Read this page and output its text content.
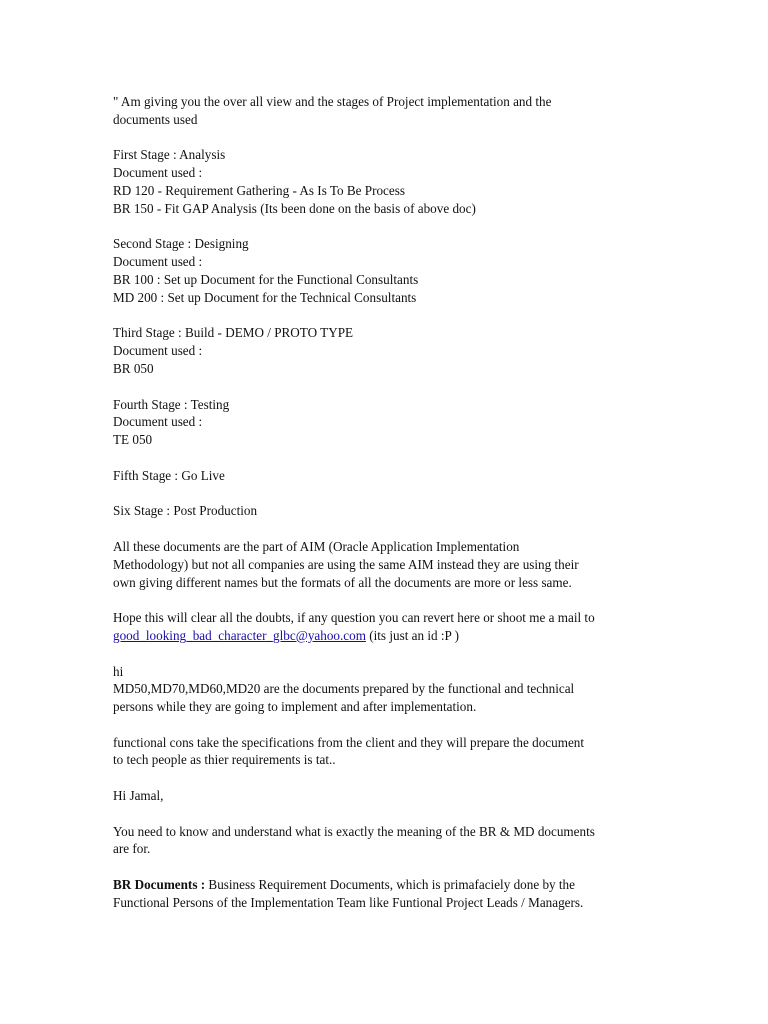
" Am giving you the over all view and the stages of Project implementation and the
documents used
First Stage : Analysis
Document used :
RD 120 - Requirement Gathering - As Is To Be Process
BR 150 - Fit GAP Analysis (Its been done on the basis of above doc)
Second Stage : Designing
Document used :
BR 100 : Set up Document for the Functional Consultants
MD 200 : Set up Document for the Technical Consultants
Third Stage : Build - DEMO / PROTO TYPE
Document used :
BR 050
Fourth Stage : Testing
Document used :
TE 050
Fifth Stage : Go Live
Six Stage : Post Production
All these documents are the part of AIM (Oracle Application Implementation
Methodology) but not all companies are using the same AIM instead they are using their
own giving different names but the formats of all the documents are more or less same.
Hope this will clear all the doubts, if any question you can revert here or shoot me a mail to
good_looking_bad_character_glbc@yahoo.com (its just an id :P )
hi
MD50,MD70,MD60,MD20 are the documents prepared by the functional and technical
persons while they are going to implement and after implementation.
functional cons take the specifications from the client and they will prepare the document
to tech people as thier requirements is tat..
Hi Jamal,
You need to know and understand what is exactly the meaning of the BR & MD documents
are for.
BR Documents : Business Requirement Documents, which is primafaciely done by the
Functional Persons of the Implementation Team like Funtional Project Leads / Managers.
